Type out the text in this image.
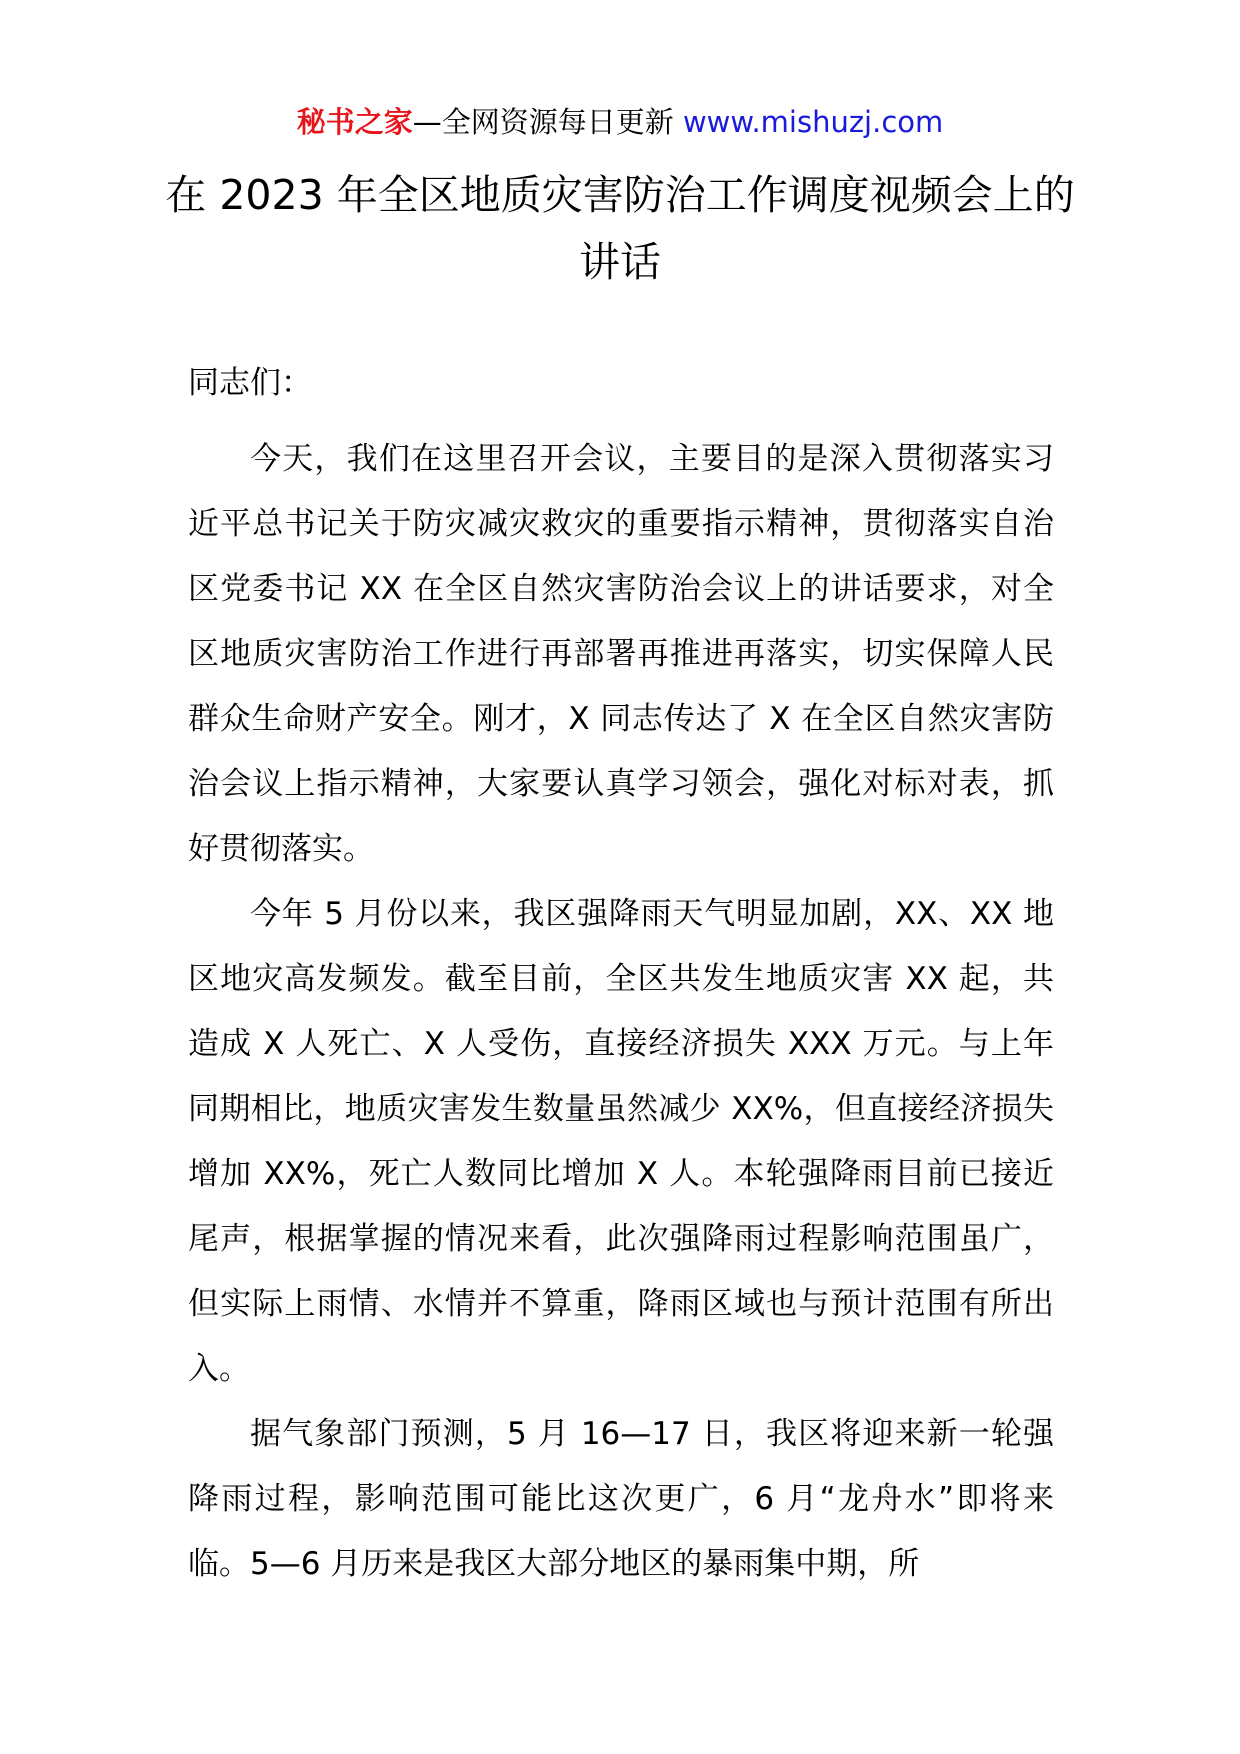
秘书之家—全网资源每日更新 www.mishuzj.com
在 2023 年全区地质灾害防治工作调度视频会上的讲话

同志们：

今天，我们在这里召开会议，主要目的是深入贯彻落实习近平总书记关于防灾减灾救灾的重要指示精神，贯彻落实自治区党委书记 XX 在全区自然灾害防治会议上的讲话要求，对全区地质灾害防治工作进行再部署再推进再落实，切实保障人民群众生命财产安全。刚才，X 同志传达了 X 在全区自然灾害防治会议上指示精神，大家要认真学习领会，强化对标对表，抓好贯彻落实。

今年 5 月份以来，我区强降雨天气明显加剧，XX、XX 地区地灾高发频发。截至目前，全区共发生地质灾害 XX 起，共造成 X 人死亡、X 人受伤，直接经济损失 XXX 万元。与上年同期相比，地质灾害发生数量虽然减少 XX%，但直接经济损失增加 XX%，死亡人数同比增加 X 人。本轮强降雨目前已接近尾声，根据掌握的情况来看，此次强降雨过程影响范围虽广，但实际上雨情、水情并不算重，降雨区域也与预计范围有所出入。

据气象部门预测，5 月 16—17 日，我区将迎来新一轮强降雨过程，影响范围可能比这次更广，6 月“龙舟水”即将来临。5—6 月历来是我区大部分地区的暴雨集中期，所
